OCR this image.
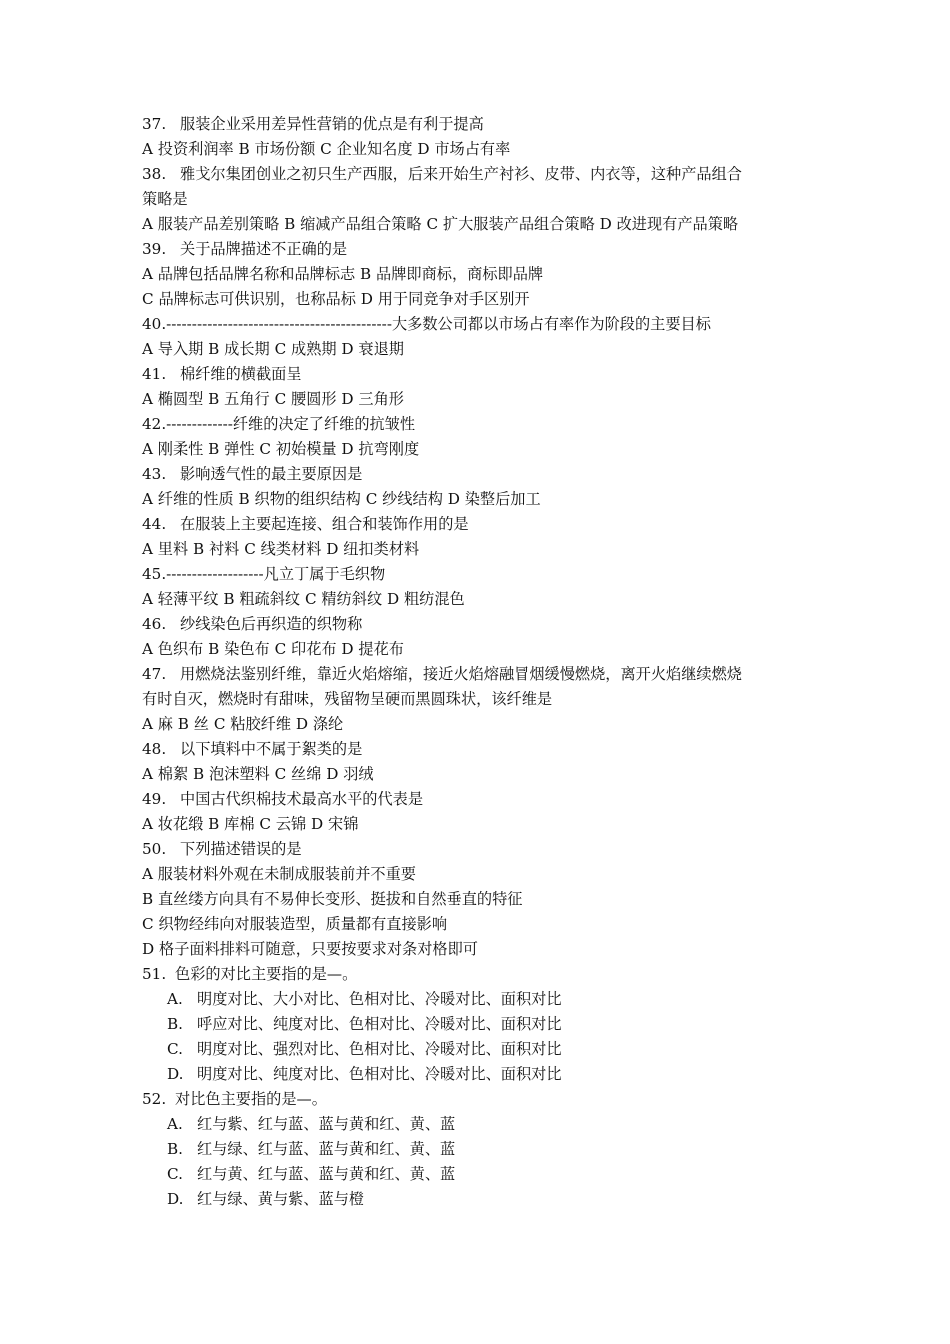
37. 服装企业采用差异性营销的优点是有利于提高
A 投资利润率 B 市场份额 C 企业知名度 D 市场占有率
38. 雅戈尔集团创业之初只生产西服，后来开始生产衬衫、皮带、内衣等，这种产品组合
策略是
A 服装产品差别策略 B 缩减产品组合策略 C 扩大服装产品组合策略 D 改进现有产品策略
39. 关于品牌描述不正确的是
A 品牌包括品牌名称和品牌标志 B 品牌即商标，商标即品牌
C 品牌标志可供识别，也称品标 D 用于同竞争对手区别开
40.--------------------------------------------大多数公司都以市场占有率作为阶段的主要目标
A 导入期 B 成长期 C 成熟期 D 衰退期
41. 棉纤维的横截面呈
A 椭圆型 B 五角行 C 腰圆形 D 三角形
42.-------------纤维的决定了纤维的抗皱性
A 刚柔性 B 弹性 C 初始模量 D 抗弯刚度
43. 影响透气性的最主要原因是
A 纤维的性质 B 织物的组织结构 C 纱线结构 D 染整后加工
44. 在服装上主要起连接、组合和装饰作用的是
A 里料 B 衬料 C 线类材料 D 纽扣类材料
45.-------------------凡立丁属于毛织物
A 轻薄平纹 B 粗疏斜纹 C 精纺斜纹 D 粗纺混色
46. 纱线染色后再织造的织物称
A 色织布 B 染色布 C 印花布 D 提花布
47. 用燃烧法鉴别纤维，靠近火焰熔缩，接近火焰熔融冒烟缓慢燃烧，离开火焰继续燃烧
有时自灭，燃烧时有甜味，残留物呈硬而黑圆珠状，该纤维是
A 麻 B 丝 C 粘胶纤维 D 涤纶
48. 以下填料中不属于絮类的是
A 棉絮 B 泡沫塑料 C 丝绵 D 羽绒
49. 中国古代织棉技术最高水平的代表是
A 妆花缎 B 库棉 C 云锦 D 宋锦
50. 下列描述错误的是
A 服装材料外观在未制成服装前并不重要
B 直丝缕方向具有不易伸长变形、挺拔和自然垂直的特征
C 织物经纬向对服装造型，质量都有直接影响
D 格子面料排料可随意，只要按要求对条对格即可
51. 色彩的对比主要指的是—。
A. 明度对比、大小对比、色相对比、冷暖对比、面积对比
B. 呼应对比、纯度对比、色相对比、冷暖对比、面积对比
C. 明度对比、强烈对比、色相对比、冷暖对比、面积对比
D. 明度对比、纯度对比、色相对比、冷暖对比、面积对比
52. 对比色主要指的是—。
A. 红与紫、红与蓝、蓝与黄和红、黄、蓝
B. 红与绿、红与蓝、蓝与黄和红、黄、蓝
C. 红与黄、红与蓝、蓝与黄和红、黄、蓝
D. 红与绿、黄与紫、蓝与橙
